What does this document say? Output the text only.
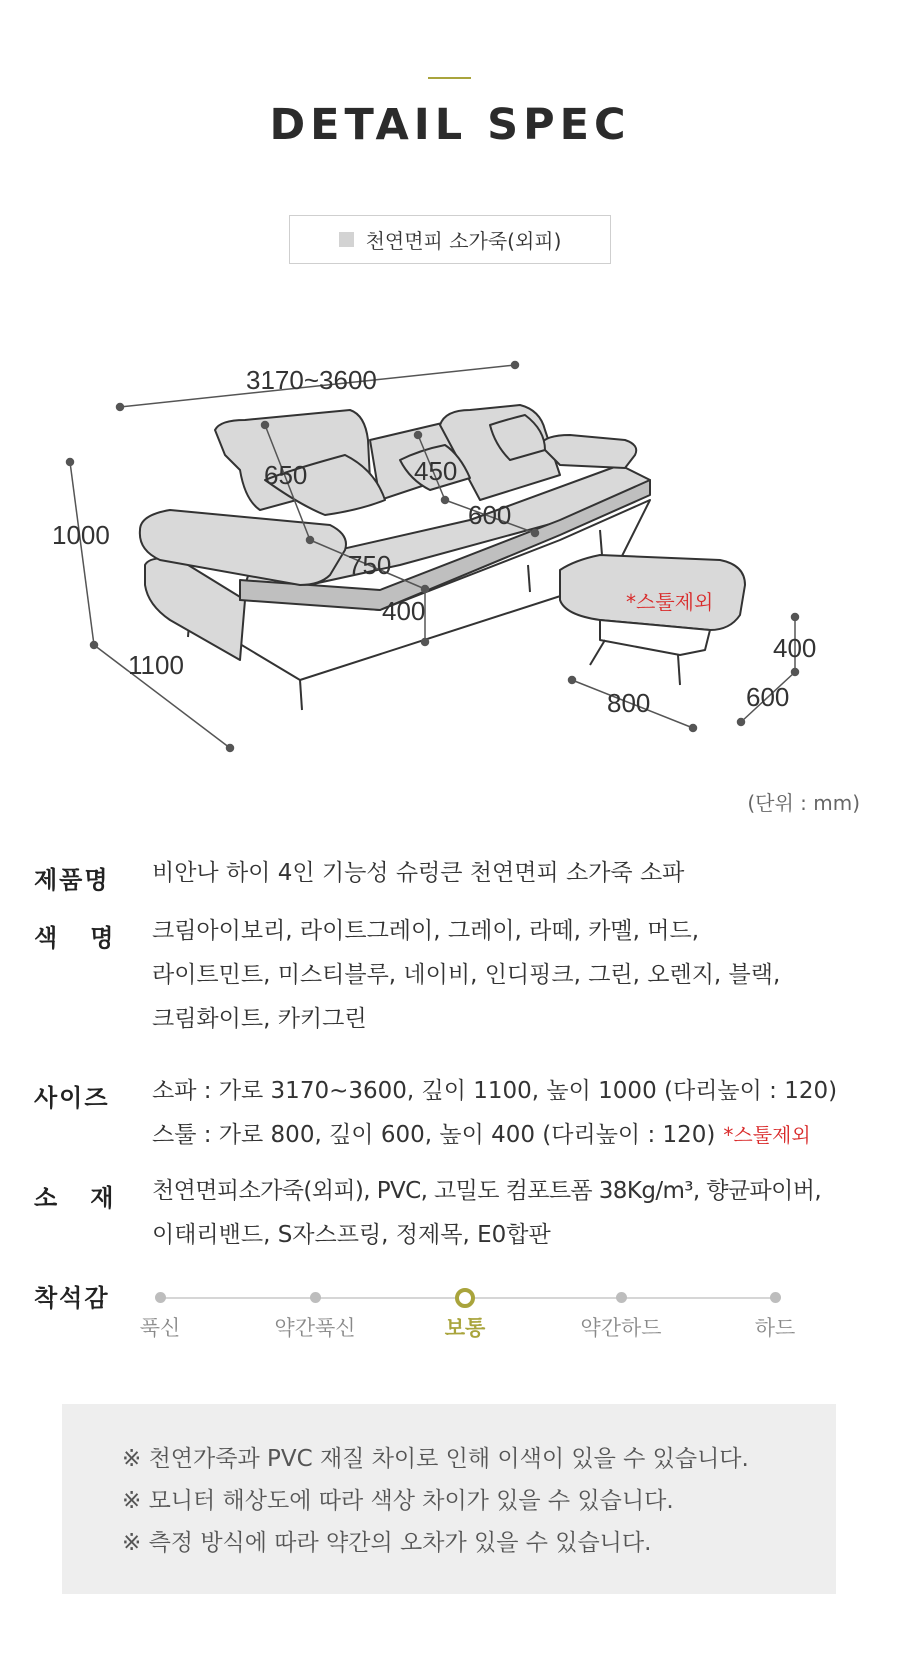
DETAIL SPEC
천연면피 소가죽(외피)
3170~3600
1000
1100
650	450
600
750
400
800	600
400
*스툴제외
(단위 : mm)
제품명	비안나 하이 4인 기능성 슈렁큰 천연면피 소가죽 소파

색   명	크림아이보리, 라이트그레이, 그레이, 라떼, 카멜, 머드,

라이트민트, 미스티블루, 네이비, 인디핑크, 그린, 오렌지, 블랙,

크림화이트, 카키그린

사이즈	소파 : 가로 3170~3600, 깊이 1100, 높이 1000 (다리높이 : 120)

스툴 : 가로 800, 깊이 600, 높이 400 (다리높이 : 120) *스툴제외

소   재	천연면피소가죽(외피), PVC, 고밀도 컴포트폼 38Kg/m³, 향균파이버,

이태리밴드, S자스프링, 정제목, E0합판

착석감
푹신	약간푹신	보통	약간하드	하드

※ 천연가죽과 PVC 재질 차이로 인해 이색이 있을 수 있습니다.

※ 모니터 해상도에 따라 색상 차이가 있을 수 있습니다.

※ 측정 방식에 따라 약간의 오차가 있을 수 있습니다.
